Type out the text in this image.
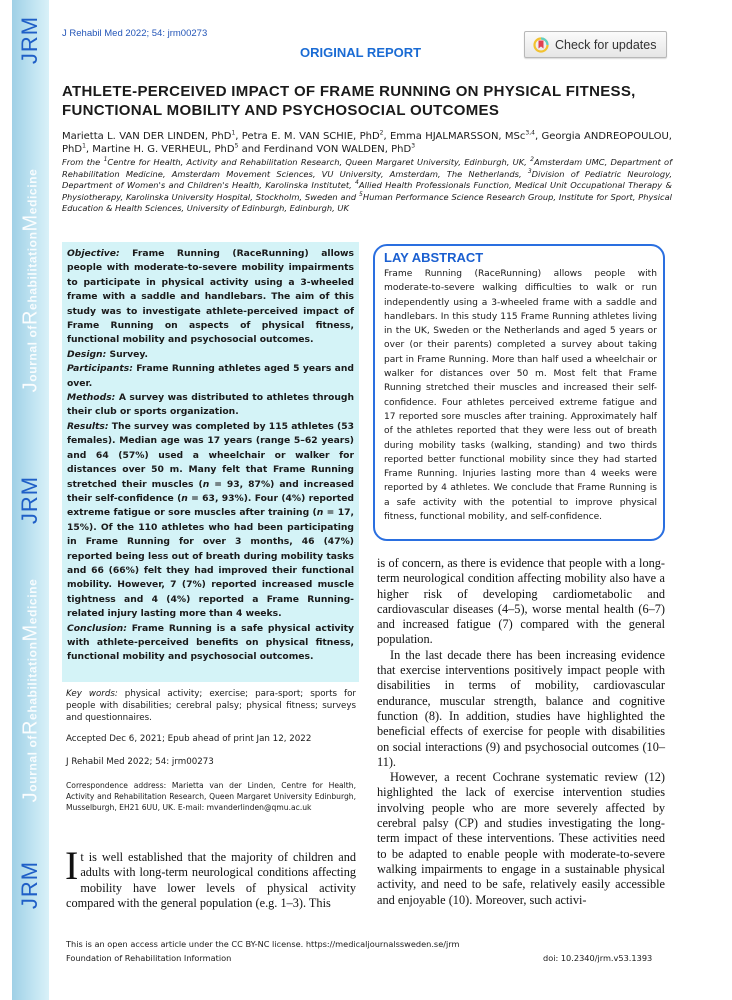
JRM
Journal ofRehabilitationMedicine
JRM
Journal ofRehabilitationMedicine
JRM
J Rehabil Med 2022; 54: jrm00273
ORIGINAL REPORT
Check for updates
ATHLETE-PERCEIVED IMPACT OF FRAME RUNNING ON PHYSICAL FITNESS,
FUNCTIONAL MOBILITY AND PSYCHOSOCIAL OUTCOMES
Marietta L. VAN DER LINDEN, PhD$^1$, Petra E. M. VAN SCHIE, PhD$^2$, Emma HJALMARSSON, MSc$^{3,4}$, Georgia ANDREOPOULOU, PhD$^1$, Martine H. G. VERHEUL, PhD$^5$ and Ferdinand VON WALDEN, PhD$^3$
From the $^1$Centre for Health, Activity and Rehabilitation Research, Queen Margaret University, Edinburgh, UK, $^2$Amsterdam UMC, Department of Rehabilitation Medicine, Amsterdam Movement Sciences, VU University, Amsterdam, The Netherlands, $^3$Division of Pediatric Neurology, Department of Women's and Children's Health, Karolinska Institutet, $^4$Allied Health Professionals Function, Medical Unit Occupational Therapy & Physiotherapy, Karolinska University Hospital, Stockholm, Sweden and $^5$Human Performance Science Research Group, Institute for Sport, Physical Education & Health Sciences, University of Edinburgh, Edinburgh, UK

Objective: Frame Running (RaceRunning) allows people with moderate-to-severe mobility impairments to participate in physical activity using a 3-wheeled frame with a saddle and handlebars. The aim of this study was to investigate athlete-perceived impact of Frame Running on aspects of physical fitness, functional mobility and psychosocial outcomes.

Design: Survey.

Participants: Frame Running athletes aged 5 years and over.

Methods: A survey was distributed to athletes through their club or sports organization.

Results: The survey was completed by 115 athletes (53 females). Median age was 17 years (range 5–62 years) and 64 (57%) used a wheelchair or walker for distances over 50 m. Many felt that Frame Running stretched their muscles (n = 93, 87%) and increased their self-confidence (n = 63, 93%). Four (4%) reported extreme fatigue or sore muscles after training (n = 17, 15%). Of the 110 athletes who had been participating in Frame Running for over 3 months, 46 (47%) reported being less out of breath during mobility tasks and 66 (66%) felt they had improved their functional mobility. However, 7 (7%) reported increased muscle tightness and 4 (4%) reported a Frame Running-related injury lasting more than 4 weeks.

Conclusion: Frame Running is a safe physical activity with athlete-perceived benefits on physical fitness, functional mobility and psychosocial outcomes.

Key words: physical activity; exercise; para-sport; sports for people with disabilities; cerebral palsy; physical fitness; surveys and questionnaires.
Accepted Dec 6, 2021; Epub ahead of print Jan 12, 2022
J Rehabil Med 2022; 54: jrm00273
Correspondence address: Marietta van der Linden, Centre for Health, Activity and Rehabilitation Research, Queen Margaret University Edinburgh, Musselburgh, EH21 6UU, UK. E-mail: mvanderlinden@qmu.ac.uk
It is well established that the majority of children and adults with long-term neurological conditions affecting mobility have lower levels of physical activity compared with the general population (e.g. 1–3). This
LAY ABSTRACT
Frame Running (RaceRunning) allows people with moderate-to-severe walking difficulties to walk or run independently using a 3-wheeled frame with a saddle and handlebars. In this study 115 Frame Running athletes living in the UK, Sweden or the Netherlands and aged 5 years or over (or their parents) completed a survey about taking part in Frame Running. More than half used a wheelchair or walker for distances over 50 m. Most felt that Frame Running stretched their muscles and increased their self-confidence. Four athletes perceived extreme fatigue and 17 reported sore muscles after training. Approximately half of the athletes reported that they were less out of breath during mobility tasks (walking, standing) and two thirds reported better functional mobility since they had started Frame Running. Injuries lasting more than 4 weeks were reported by 4 athletes. We conclude that Frame Running is a safe activity with the potential to improve physical fitness, functional mobility, and self-confidence.

is of concern, as there is evidence that people with a long-term neurological condition affecting mobility also have a higher risk of developing cardiometabolic and cardiovascular diseases (4–5), worse mental health (6–7) and increased fatigue (7) compared with the general population.

In the last decade there has been increasing evidence that exercise interventions positively impact people with disabilities in terms of mobility, cardiovascular endurance, muscular strength, balance and cognitive function (8). In addition, studies have highlighted the beneficial effects of exercise for people with disabilities on social interactions (9) and psychosocial outcomes (10–11).

However, a recent Cochrane systematic review (12) highlighted the lack of exercise intervention studies involving people who are more severely affected by cerebral palsy (CP) and studies investigating the long-term impact of these interventions. These activities need to be adapted to enable people with moderate-to-severe walking impairments to engage in a sustainable physical activity, and need to be safe, relatively easily accessible and enjoyable (10). Moreover, such activi-

This is an open access article under the CC BY-NC license. https://medicaljournalssweden.se/jrm
Foundation of Rehabilitation Information	doi: 10.2340/jrm.v53.1393
